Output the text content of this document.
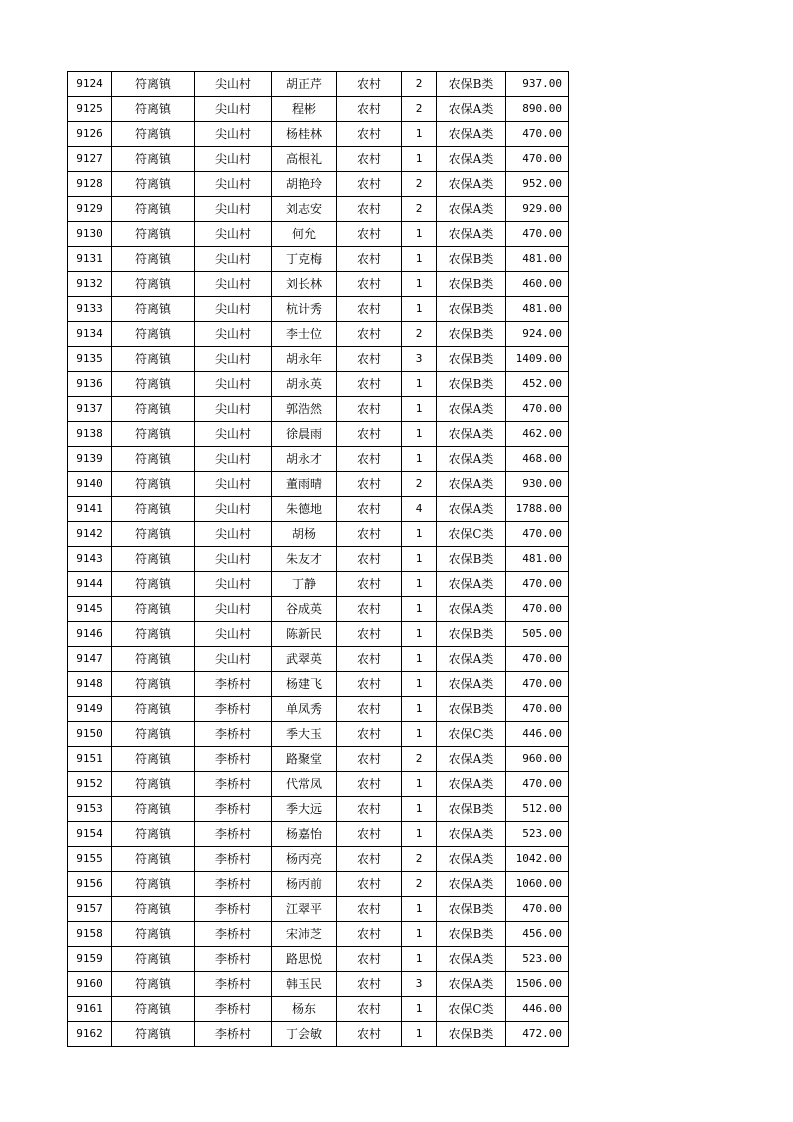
9124	符离镇	尖山村	胡正芹	农村	2	农保B类	937.00
9125	符离镇	尖山村	程彬	农村	2	农保A类	890.00
9126	符离镇	尖山村	杨桂林	农村	1	农保A类	470.00
9127	符离镇	尖山村	高根礼	农村	1	农保A类	470.00
9128	符离镇	尖山村	胡艳玲	农村	2	农保A类	952.00
9129	符离镇	尖山村	刘志安	农村	2	农保A类	929.00
9130	符离镇	尖山村	何允	农村	1	农保A类	470.00
9131	符离镇	尖山村	丁克梅	农村	1	农保B类	481.00
9132	符离镇	尖山村	刘长林	农村	1	农保B类	460.00
9133	符离镇	尖山村	杭计秀	农村	1	农保B类	481.00
9134	符离镇	尖山村	李士位	农村	2	农保B类	924.00
9135	符离镇	尖山村	胡永年	农村	3	农保B类	1409.00
9136	符离镇	尖山村	胡永英	农村	1	农保B类	452.00
9137	符离镇	尖山村	郭浩然	农村	1	农保A类	470.00
9138	符离镇	尖山村	徐晨雨	农村	1	农保A类	462.00
9139	符离镇	尖山村	胡永才	农村	1	农保A类	468.00
9140	符离镇	尖山村	董雨晴	农村	2	农保A类	930.00
9141	符离镇	尖山村	朱德地	农村	4	农保A类	1788.00
9142	符离镇	尖山村	胡杨	农村	1	农保C类	470.00
9143	符离镇	尖山村	朱友才	农村	1	农保B类	481.00
9144	符离镇	尖山村	丁静	农村	1	农保A类	470.00
9145	符离镇	尖山村	谷成英	农村	1	农保A类	470.00
9146	符离镇	尖山村	陈新民	农村	1	农保B类	505.00
9147	符离镇	尖山村	武翠英	农村	1	农保A类	470.00
9148	符离镇	李桥村	杨建飞	农村	1	农保A类	470.00
9149	符离镇	李桥村	单凤秀	农村	1	农保B类	470.00
9150	符离镇	李桥村	季大玉	农村	1	农保C类	446.00
9151	符离镇	李桥村	路聚堂	农村	2	农保A类	960.00
9152	符离镇	李桥村	代常凤	农村	1	农保A类	470.00
9153	符离镇	李桥村	季大远	农村	1	农保B类	512.00
9154	符离镇	李桥村	杨嘉怡	农村	1	农保A类	523.00
9155	符离镇	李桥村	杨丙亮	农村	2	农保A类	1042.00
9156	符离镇	李桥村	杨丙前	农村	2	农保A类	1060.00
9157	符离镇	李桥村	江翠平	农村	1	农保B类	470.00
9158	符离镇	李桥村	宋沛芝	农村	1	农保B类	456.00
9159	符离镇	李桥村	路思悦	农村	1	农保A类	523.00
9160	符离镇	李桥村	韩玉民	农村	3	农保A类	1506.00
9161	符离镇	李桥村	杨东	农村	1	农保C类	446.00
9162	符离镇	李桥村	丁会敏	农村	1	农保B类	472.00
